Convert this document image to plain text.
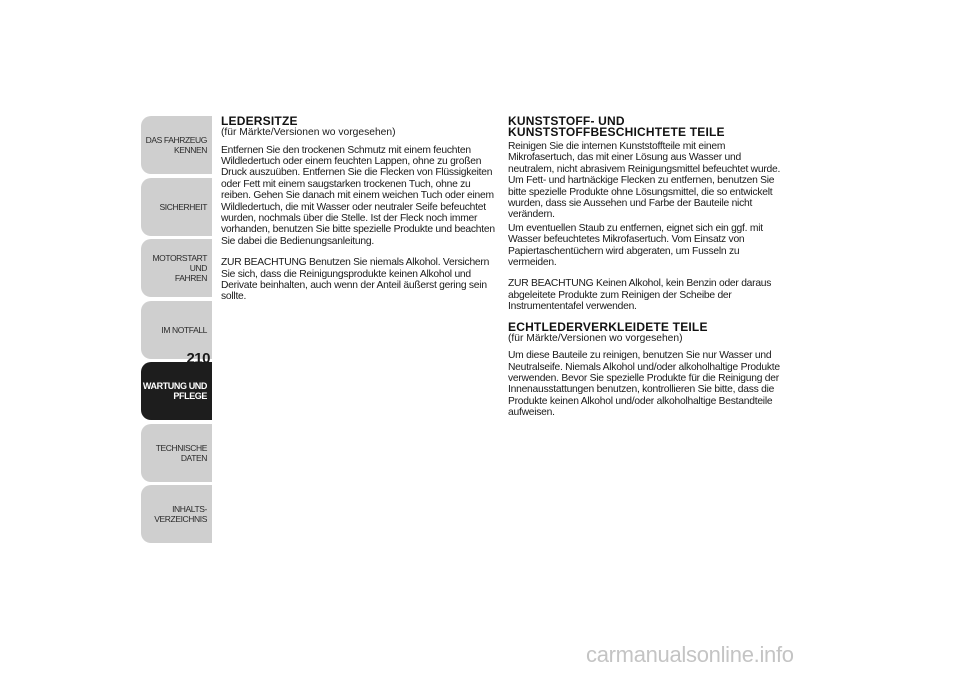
DAS FAHRZEUG
KENNEN
SICHERHEIT
MOTORSTART UND
FAHREN
IM NOTFALL
WARTUNG UND
PFLEGE
TECHNISCHE DATEN
INHALTS-
VERZEICHNIS
210
LEDERSITZE
(für Märkte/Versionen wo vorgesehen)

Entfernen Sie den trockenen Schmutz mit einem feuchten Wildledertuch oder einem feuchten Lappen, ohne zu großen Druck auszuüben. Entfernen Sie die Flecken von Flüssigkeiten oder Fett mit einem saugstarken trockenen Tuch, ohne zu reiben. Gehen Sie danach mit einem weichen Tuch oder einem Wildledertuch, die mit Wasser oder neutraler Seife befeuchtet wurden, nochmals über die Stelle. Ist der Fleck noch immer vorhanden, benutzen Sie bitte spezielle Produkte und beachten Sie dabei die Bedienungsanleitung.

ZUR BEACHTUNG Benutzen Sie niemals Alkohol. Versichern Sie sich, dass die Reinigungsprodukte keinen Alkohol und Derivate beinhalten, auch wenn der Anteil äußerst gering sein sollte.

KUNSTSTOFF- UND
KUNSTSTOFFBESCHICHTETE TEILE

Reinigen Sie die internen Kunststoffteile mit einem Mikrofasertuch, das mit einer Lösung aus Wasser und neutralem, nicht abrasivem Reinigungsmittel befeuchtet wurde. Um Fett- und hartnäckige Flecken zu entfernen, benutzen Sie bitte spezielle Produkte ohne Lösungsmittel, die so entwickelt wurden, dass sie Aussehen und Farbe der Bauteile nicht verändern.

Um eventuellen Staub zu entfernen, eignet sich ein ggf. mit Wasser befeuchtetes Mikrofasertuch. Vom Einsatz von Papiertaschentüchern wird abgeraten, um Fusseln zu vermeiden.

ZUR BEACHTUNG Keinen Alkohol, kein Benzin oder daraus abgeleitete Produkte zum Reinigen der Scheibe der Instrumententafel verwenden.

ECHTLEDERVERKLEIDETE TEILE
(für Märkte/Versionen wo vorgesehen)

Um diese Bauteile zu reinigen, benutzen Sie nur Wasser und Neutralseife. Niemals Alkohol und/oder alkoholhaltige Produkte verwenden. Bevor Sie spezielle Produkte für die Reinigung der Innenausstattungen benutzen, kontrollieren Sie bitte, dass die Produkte keinen Alkohol und/oder alkoholhaltige Bestandteile aufweisen.

carmanualsonline.info
